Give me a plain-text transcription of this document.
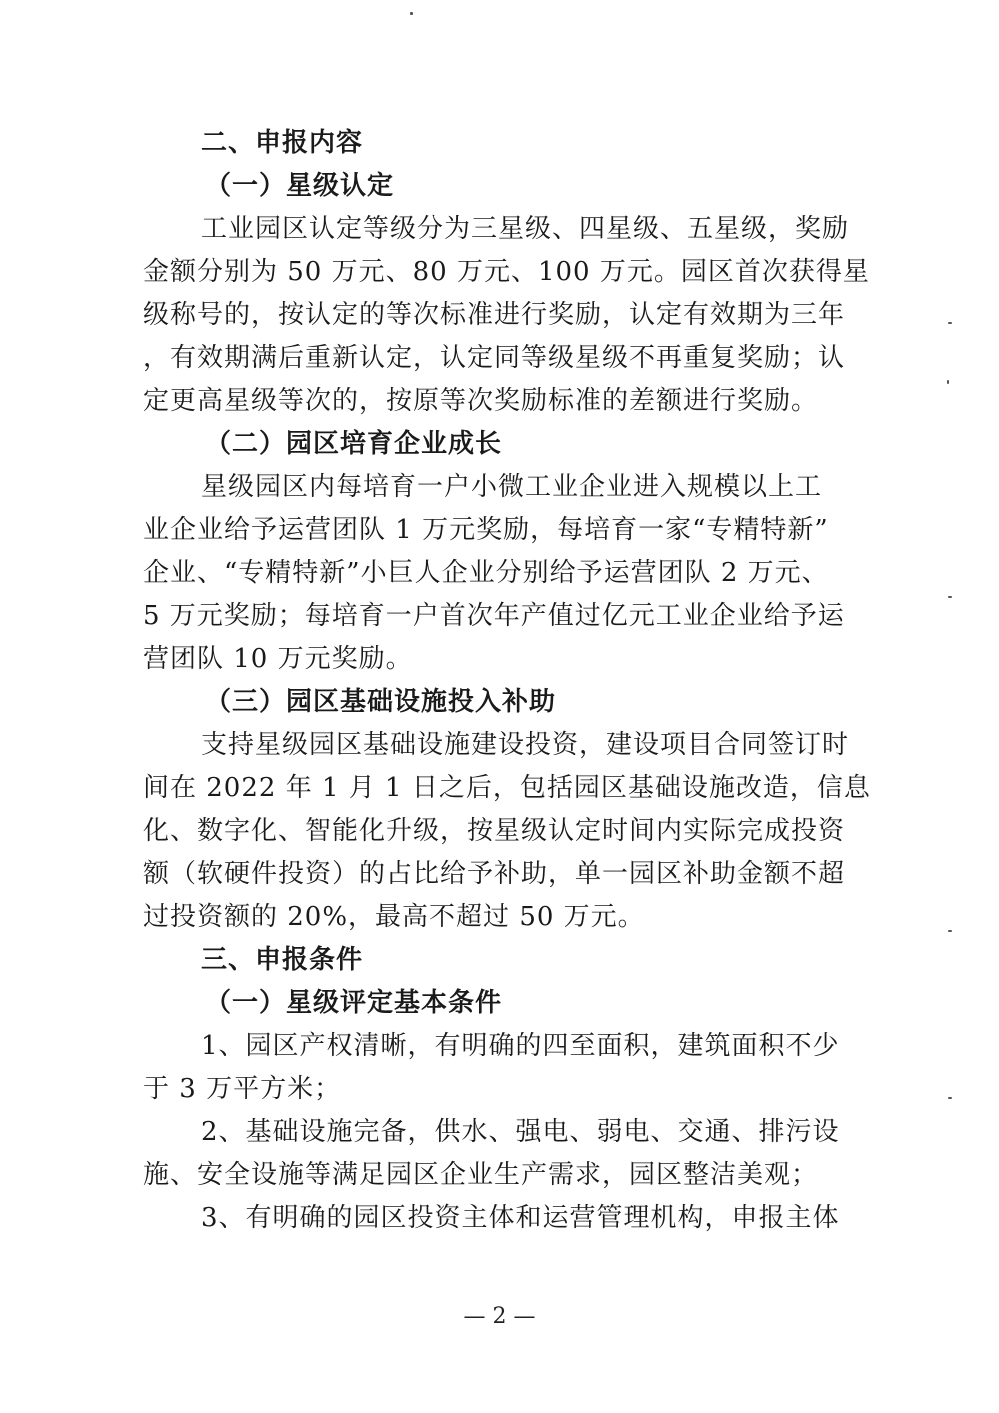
二、申报内容
（一）星级认定
工业园区认定等级分为三星级、四星级、五星级，奖励
金额分别为 50 万元、80 万元、100 万元。园区首次获得星
级称号的，按认定的等次标准进行奖励，认定有效期为三年
，有效期满后重新认定，认定同等级星级不再重复奖励；认
定更高星级等次的，按原等次奖励标准的差额进行奖励。
（二）园区培育企业成长
星级园区内每培育一户小微工业企业进入规模以上工
业企业给予运营团队 1 万元奖励，每培育一家“专精特新”
企业、“专精特新”小巨人企业分别给予运营团队 2 万元、
5 万元奖励；每培育一户首次年产值过亿元工业企业给予运
营团队 10 万元奖励。
（三）园区基础设施投入补助
支持星级园区基础设施建设投资，建设项目合同签订时
间在 2022 年 1 月 1 日之后，包括园区基础设施改造，信息
化、数字化、智能化升级，按星级认定时间内实际完成投资
额（软硬件投资）的占比给予补助，单一园区补助金额不超
过投资额的 20%，最高不超过 50 万元。
三、申报条件
（一）星级评定基本条件
1、园区产权清晰，有明确的四至面积，建筑面积不少
于 3 万平方米；
2、基础设施完备，供水、强电、弱电、交通、排污设
施、安全设施等满足园区企业生产需求，园区整洁美观；
3、有明确的园区投资主体和运营管理机构，申报主体
— 2 —
